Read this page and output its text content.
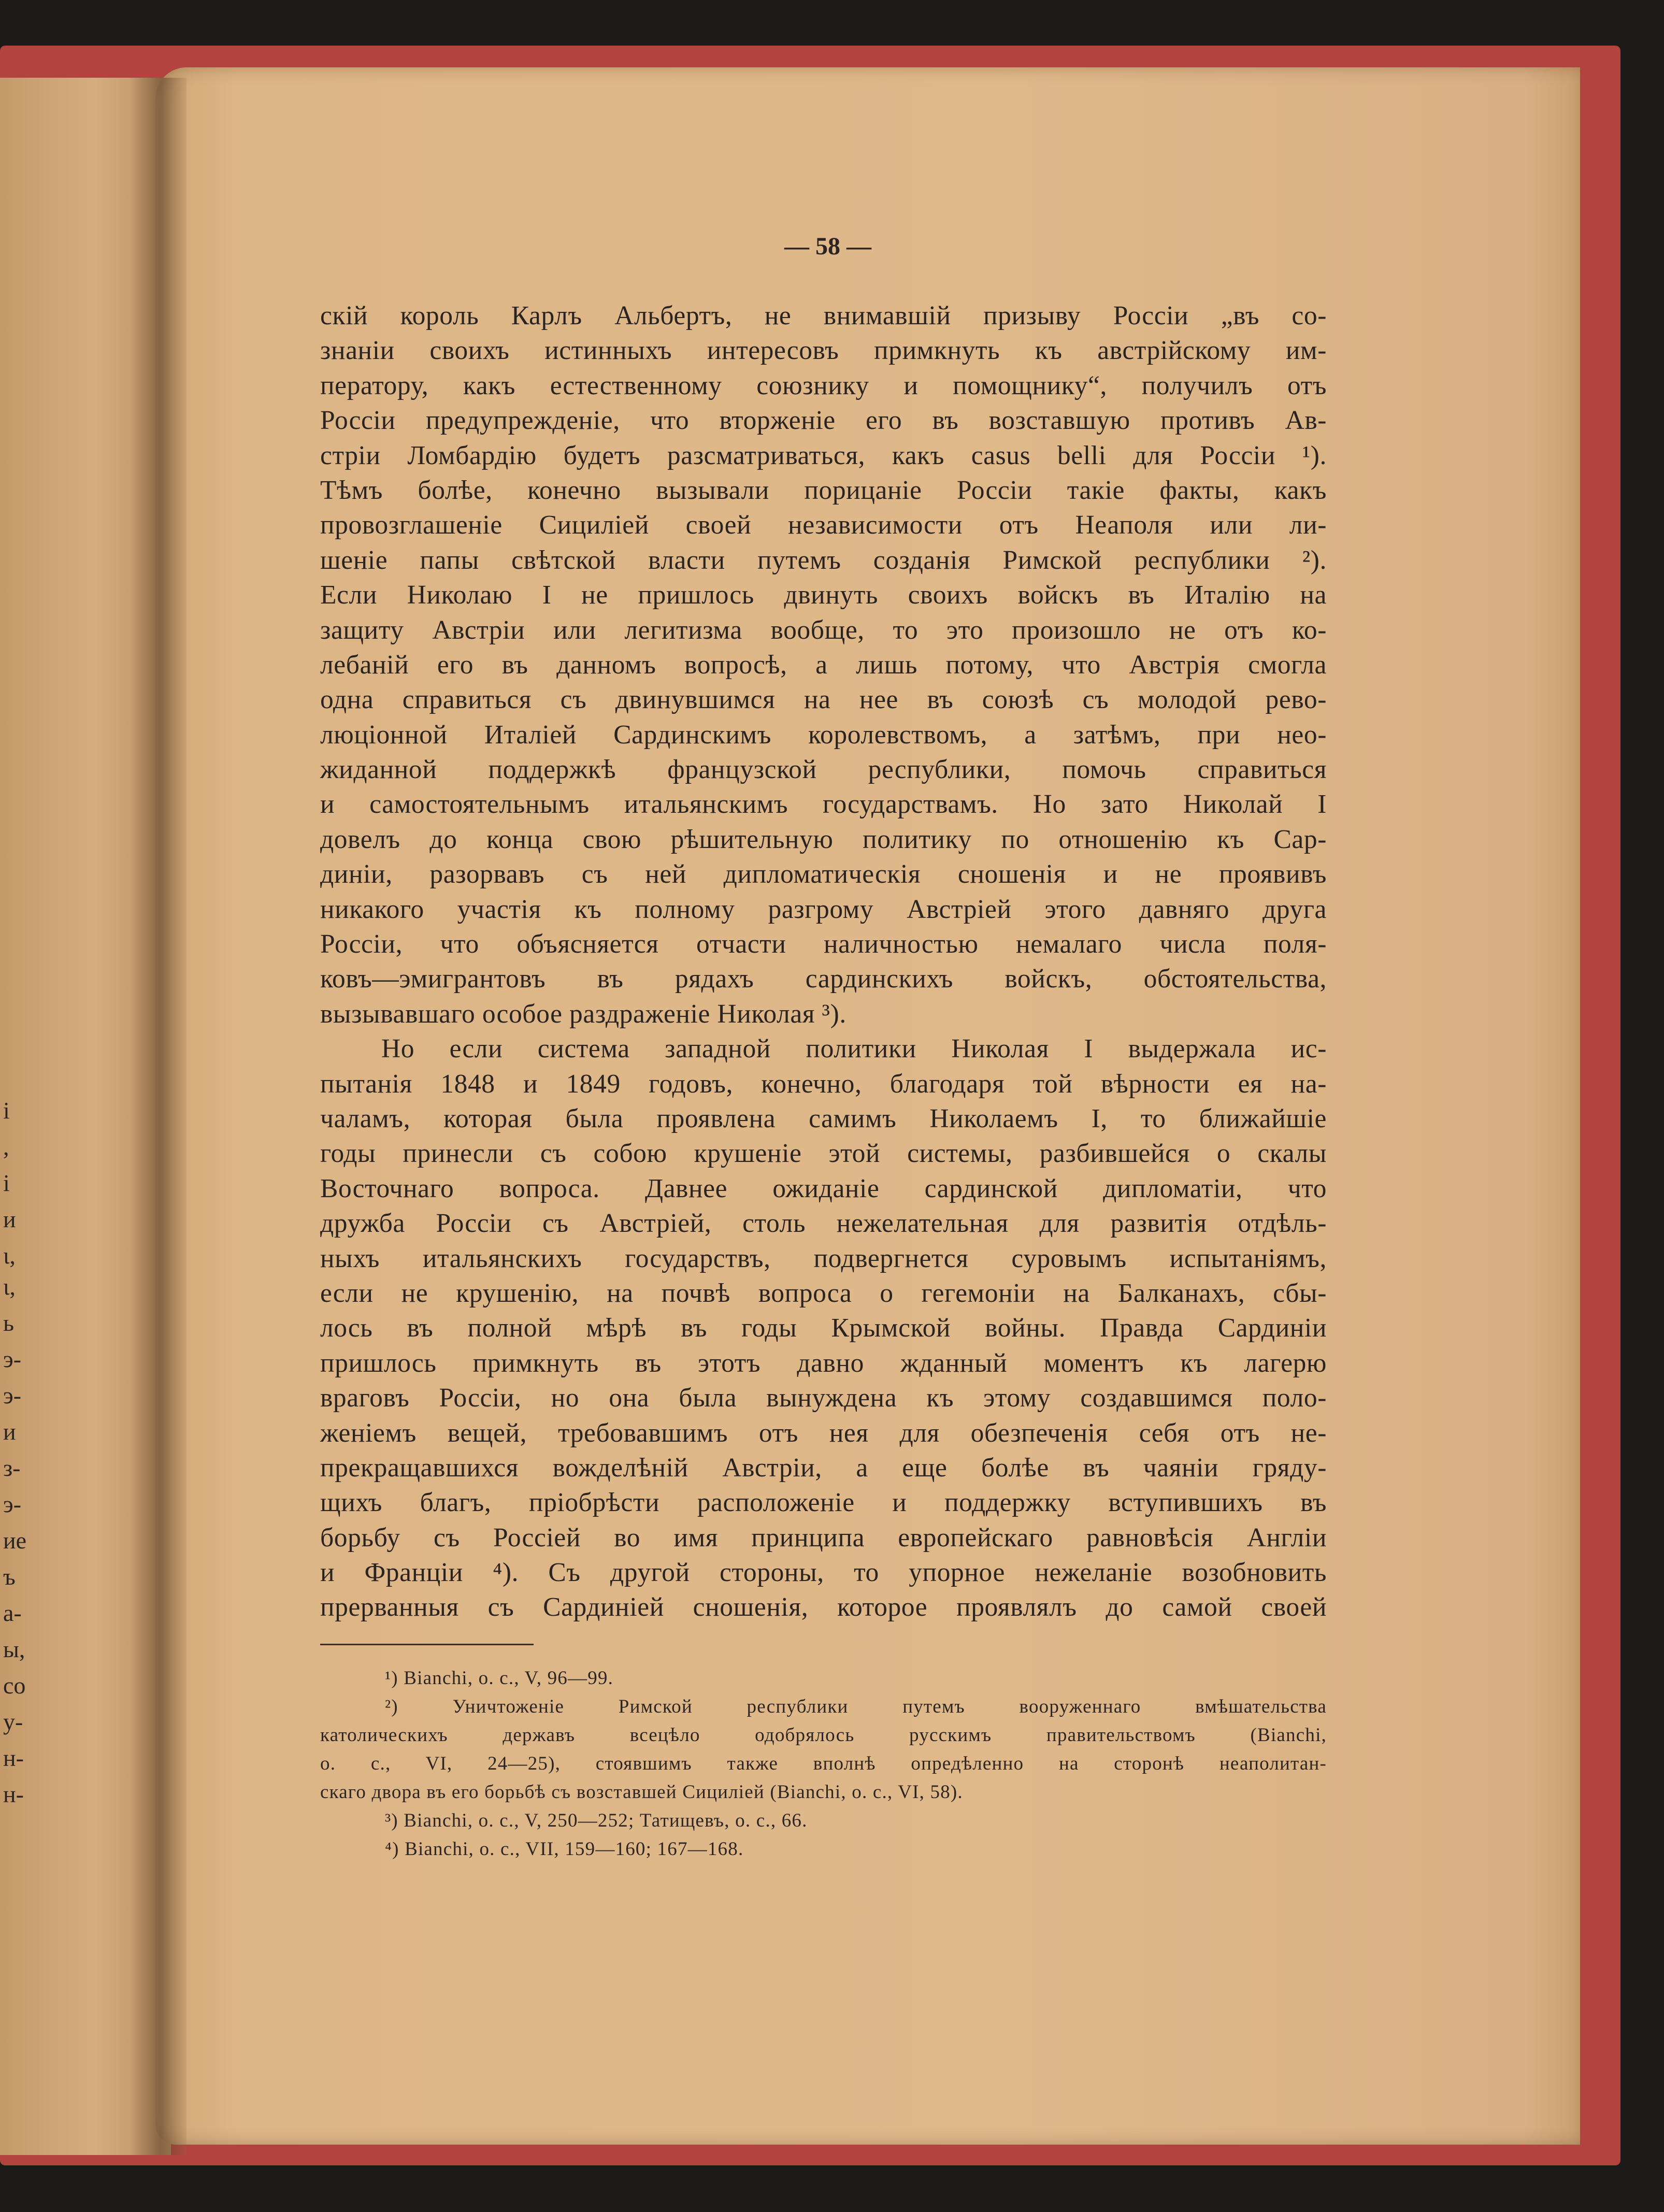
і
,
і
и
ι,
ι,
ь
э-
э-
и
з-
э-
ие
ъ
а-
ы,
со
у-
н-
н-
— 58 —
скій король Карлъ Альбертъ, не внимавшій призыву Россіи „въ со-
знаніи своихъ истинныхъ интересовъ примкнуть къ австрійскому им-
ператору, какъ естественному союзнику и помощнику“, получилъ отъ
Россіи предупрежденіе, что вторженіе его въ возставшую противъ Ав-
стріи Ломбардію будетъ разсматриваться, какъ casus belli для Россіи ¹).
Тѣмъ болѣе, конечно вызывали порицаніе Россіи такіе факты, какъ
провозглашеніе Сициліей своей независимости отъ Неаполя или ли-
шеніе папы свѣтской власти путемъ созданія Римской республики ²).
Если Николаю I не пришлось двинуть своихъ войскъ въ Италію на
защиту Австріи или легитизма вообще, то это произошло не отъ ко-
лебаній его въ данномъ вопросѣ, а лишь потому, что Австрія смогла
одна справиться съ двинувшимся на нее въ союзѣ съ молодой рево-
люціонной Италіей Сардинскимъ королевствомъ, а затѣмъ, при нео-
жиданной поддержкѣ французской республики, помочь справиться
и самостоятельнымъ итальянскимъ государствамъ. Но зато Николай I
довелъ до конца свою рѣшительную политику по отношенію къ Сар-
диніи, разорвавъ съ ней дипломатическія сношенія и не проявивъ
никакого участія къ полному разгрому Австріей этого давняго друга
Россіи, что объясняется отчасти наличностью немалаго числа поля-
ковъ—эмигрантовъ въ рядахъ сардинскихъ войскъ, обстоятельства,
вызывавшаго особое раздраженіе Николая ³).
Но если система западной политики Николая I выдержала ис-
пытанія 1848 и 1849 годовъ, конечно, благодаря той вѣрности ея на-
чаламъ, которая была проявлена самимъ Николаемъ I, то ближайшіе
годы принесли съ собою крушеніе этой системы, разбившейся о скалы
Восточнаго вопроса. Давнее ожиданіе сардинской дипломатіи, что
дружба Россіи съ Австріей, столь нежелательная для развитія отдѣль-
ныхъ итальянскихъ государствъ, подвергнется суровымъ испытаніямъ,
если не крушенію, на почвѣ вопроса о гегемоніи на Балканахъ, сбы-
лось въ полной мѣрѣ въ годы Крымской войны. Правда Сардиніи
пришлось примкнуть въ этотъ давно жданный моментъ къ лагерю
враговъ Россіи, но она была вынуждена къ этому создавшимся поло-
женіемъ вещей, требовавшимъ отъ нея для обезпеченія себя отъ не-
прекращавшихся вожделѣній Австріи, а еще болѣе въ чаяніи гряду-
щихъ благъ, пріобрѣсти расположеніе и поддержку вступившихъ въ
борьбу съ Россіей во имя принципа европейскаго равновѣсія Англіи
и Франціи ⁴). Съ другой стороны, то упорное нежеланіе возобновить
прерванныя съ Сардиніей сношенія, которое проявлялъ до самой своей
¹) Bianchi, o. c., V, 96—99.
²) Уничтоженіе Римской республики путемъ вооруженнаго вмѣшательства
католическихъ державъ всецѣло одобрялось русскимъ правительствомъ (Bianchi,
o. c., VI, 24—25), стоявшимъ также вполнѣ опредѣленно на сторонѣ неаполитан-
скаго двора въ его борьбѣ съ возставшей Сициліей (Bianchi, o. c., VI, 58).
³) Bianchi, o. c., V, 250—252; Татищевъ, o. c., 66.
⁴) Bianchi, o. c., VII, 159—160; 167—168.
